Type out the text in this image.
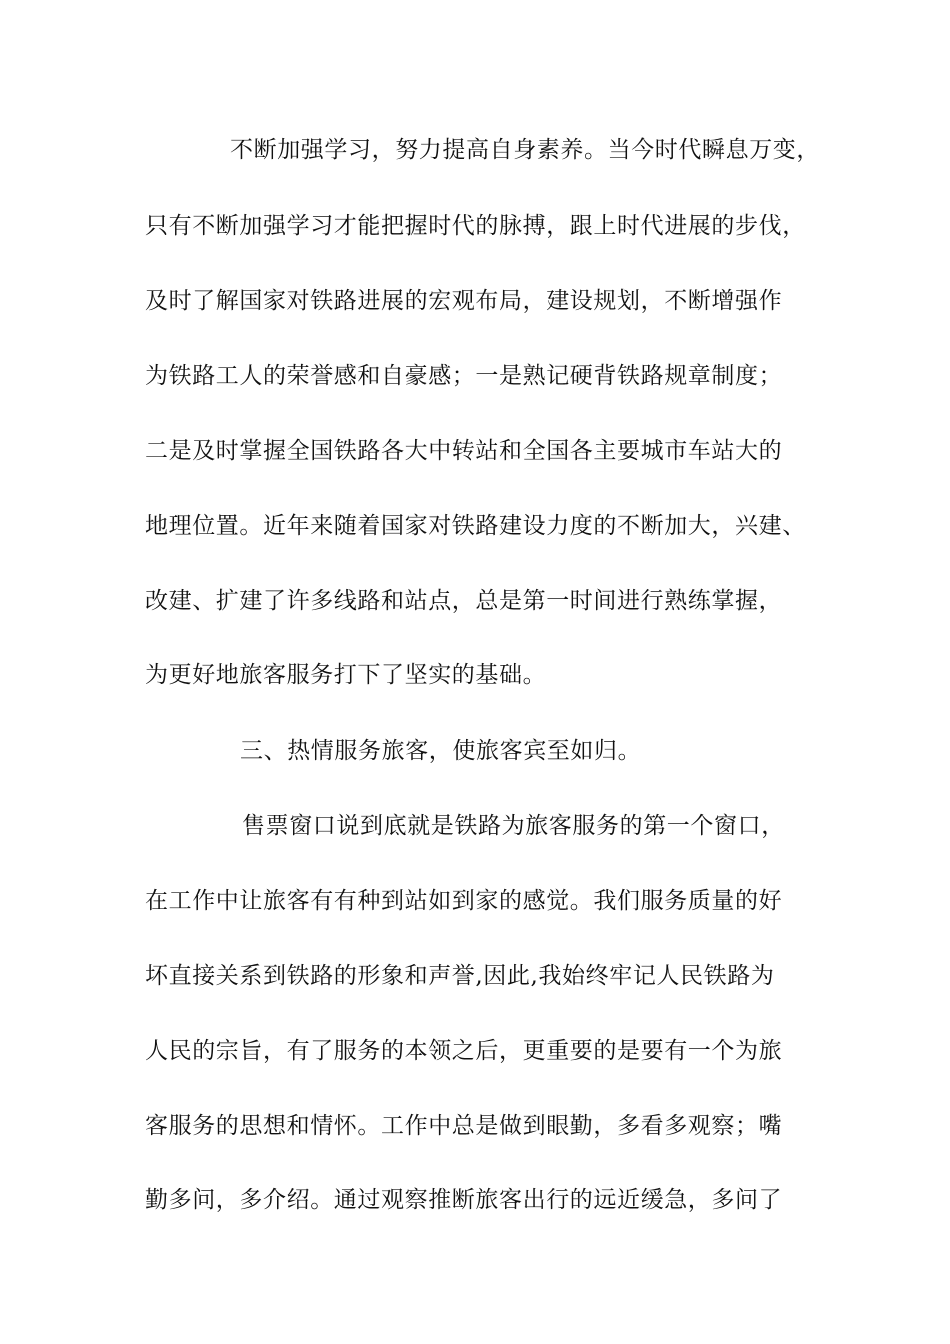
不断加强学习，努力提高自身素养。当今时代瞬息万变，
只有不断加强学习才能把握时代的脉搏，跟上时代进展的步伐，
及时了解国家对铁路进展的宏观布局，建设规划，不断增强作
为铁路工人的荣誉感和自豪感；一是熟记硬背铁路规章制度；
二是及时掌握全国铁路各大中转站和全国各主要城市车站大的
地理位置。近年来随着国家对铁路建设力度的不断加大，兴建、
改建、扩建了许多线路和站点，总是第一时间进行熟练掌握，
为更好地旅客服务打下了坚实的基础。
三、热情服务旅客，使旅客宾至如归。
售票窗口说到底就是铁路为旅客服务的第一个窗口，
在工作中让旅客有有种到站如到家的感觉。我们服务质量的好
坏直接关系到铁路的形象和声誉,因此,我始终牢记人民铁路为
人民的宗旨，有了服务的本领之后，更重要的是要有一个为旅
客服务的思想和情怀。工作中总是做到眼勤，多看多观察；嘴
勤多问，多介绍。通过观察推断旅客出行的远近缓急，多问了
